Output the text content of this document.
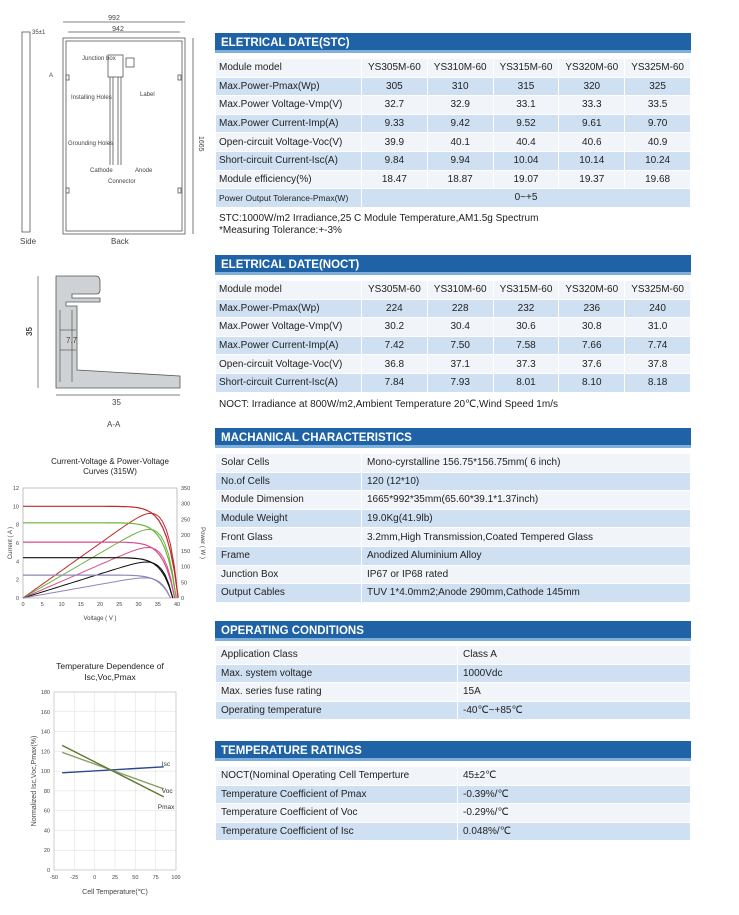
992
942
1665
35±1
Junction box
Label
Installing Holes
Grounding Holes
Cathode	Anode
Connector
A
Side	Back
35
7.7
35
A-A
Current-Voltage & Power-Voltage Curves (315W)
0	5	10 15 20 25 30 35 40
0
2
4
6
8
10
12
0
50
100
150
200
250
300
350
Voltage ( V )
Current ( A )	Power ( W )
Temperature Dependence of Isc,Voc,Pmax
-50 -25	0	25	50	75 100
0
20
40
60
80
100
120
140
160
180
Cell Temperature(℃)
Normalized Isc,Voc,Pmax(%)	Isc
Voc
Pmax
ELETRICAL DATE(STC)
Module model	YS305M-60	YS310M-60	YS315M-60	YS320M-60	YS325M-60
Max.Power-Pmax(Wp)	305	310	315	320	325
Max.Power Voltage-Vmp(V)	32.7	32.9	33.1	33.3	33.5
Max.Power Current-Imp(A)	9.33	9.42	9.52	9.61	9.70
Open-circuit Voltage-Voc(V)	39.9	40.1	40.4	40.6	40.9
Short-circuit Current-Isc(A)	9.84	9.94	10.04	10.14	10.24
Module efficiency(%)	18.47	18.87	19.07	19.37	19.68
Power Output Tolerance-Pmax(W)	0~+5				
STC:1000W/m2 Irradiance,25 C Module Temperature,AM1.5g Spectrum
*Measuring Tolerance:+-3%
ELETRICAL DATE(NOCT)
Module model	YS305M-60	YS310M-60	YS315M-60	YS320M-60	YS325M-60
Max.Power-Pmax(Wp)	224	228	232	236	240
Max.Power Voltage-Vmp(V)	30.2	30.4	30.6	30.8	31.0
Max.Power Current-Imp(A)	7.42	7.50	7.58	7.66	7.74
Open-circuit Voltage-Voc(V)	36.8	37.1	37.3	37.6	37.8
Short-circuit Current-Isc(A)	7.84	7.93	8.01	8.10	8.18
NOCT: Irradiance at 800W/m2,Ambient Temperature 20℃,Wind Speed 1m/s
MACHANICAL CHARACTERISTICS
Solar Cells	Mono-cyrstalline 156.75*156.75mm( 6 inch)
No.of Cells	120 (12*10)
Module Dimension	1665*992*35mm(65.60*39.1*1.37inch)
Module Weight	19.0Kg(41.9lb)
Front Glass	3.2mm,High Transmission,Coated Tempered Glass
Frame	Anodized Aluminium Alloy
Junction Box	IP67 or IP68 rated
Output Cables	TUV 1*4.0mm2;Anode 290mm,Cathode 145mm
OPERATING CONDITIONS
Application Class	Class A
Max. system voltage	1000Vdc
Max. series fuse rating	15A
Operating temperature	-40℃~+85℃
TEMPERATURE RATINGS
NOCT(Nominal Operating Cell Temperture	45±2℃
Temperature Coefficient of Pmax	-0.39%/℃
Temperature Coefficient of Voc	-0.29%/℃
Temperature Coefficient of Isc	0.048%/℃
